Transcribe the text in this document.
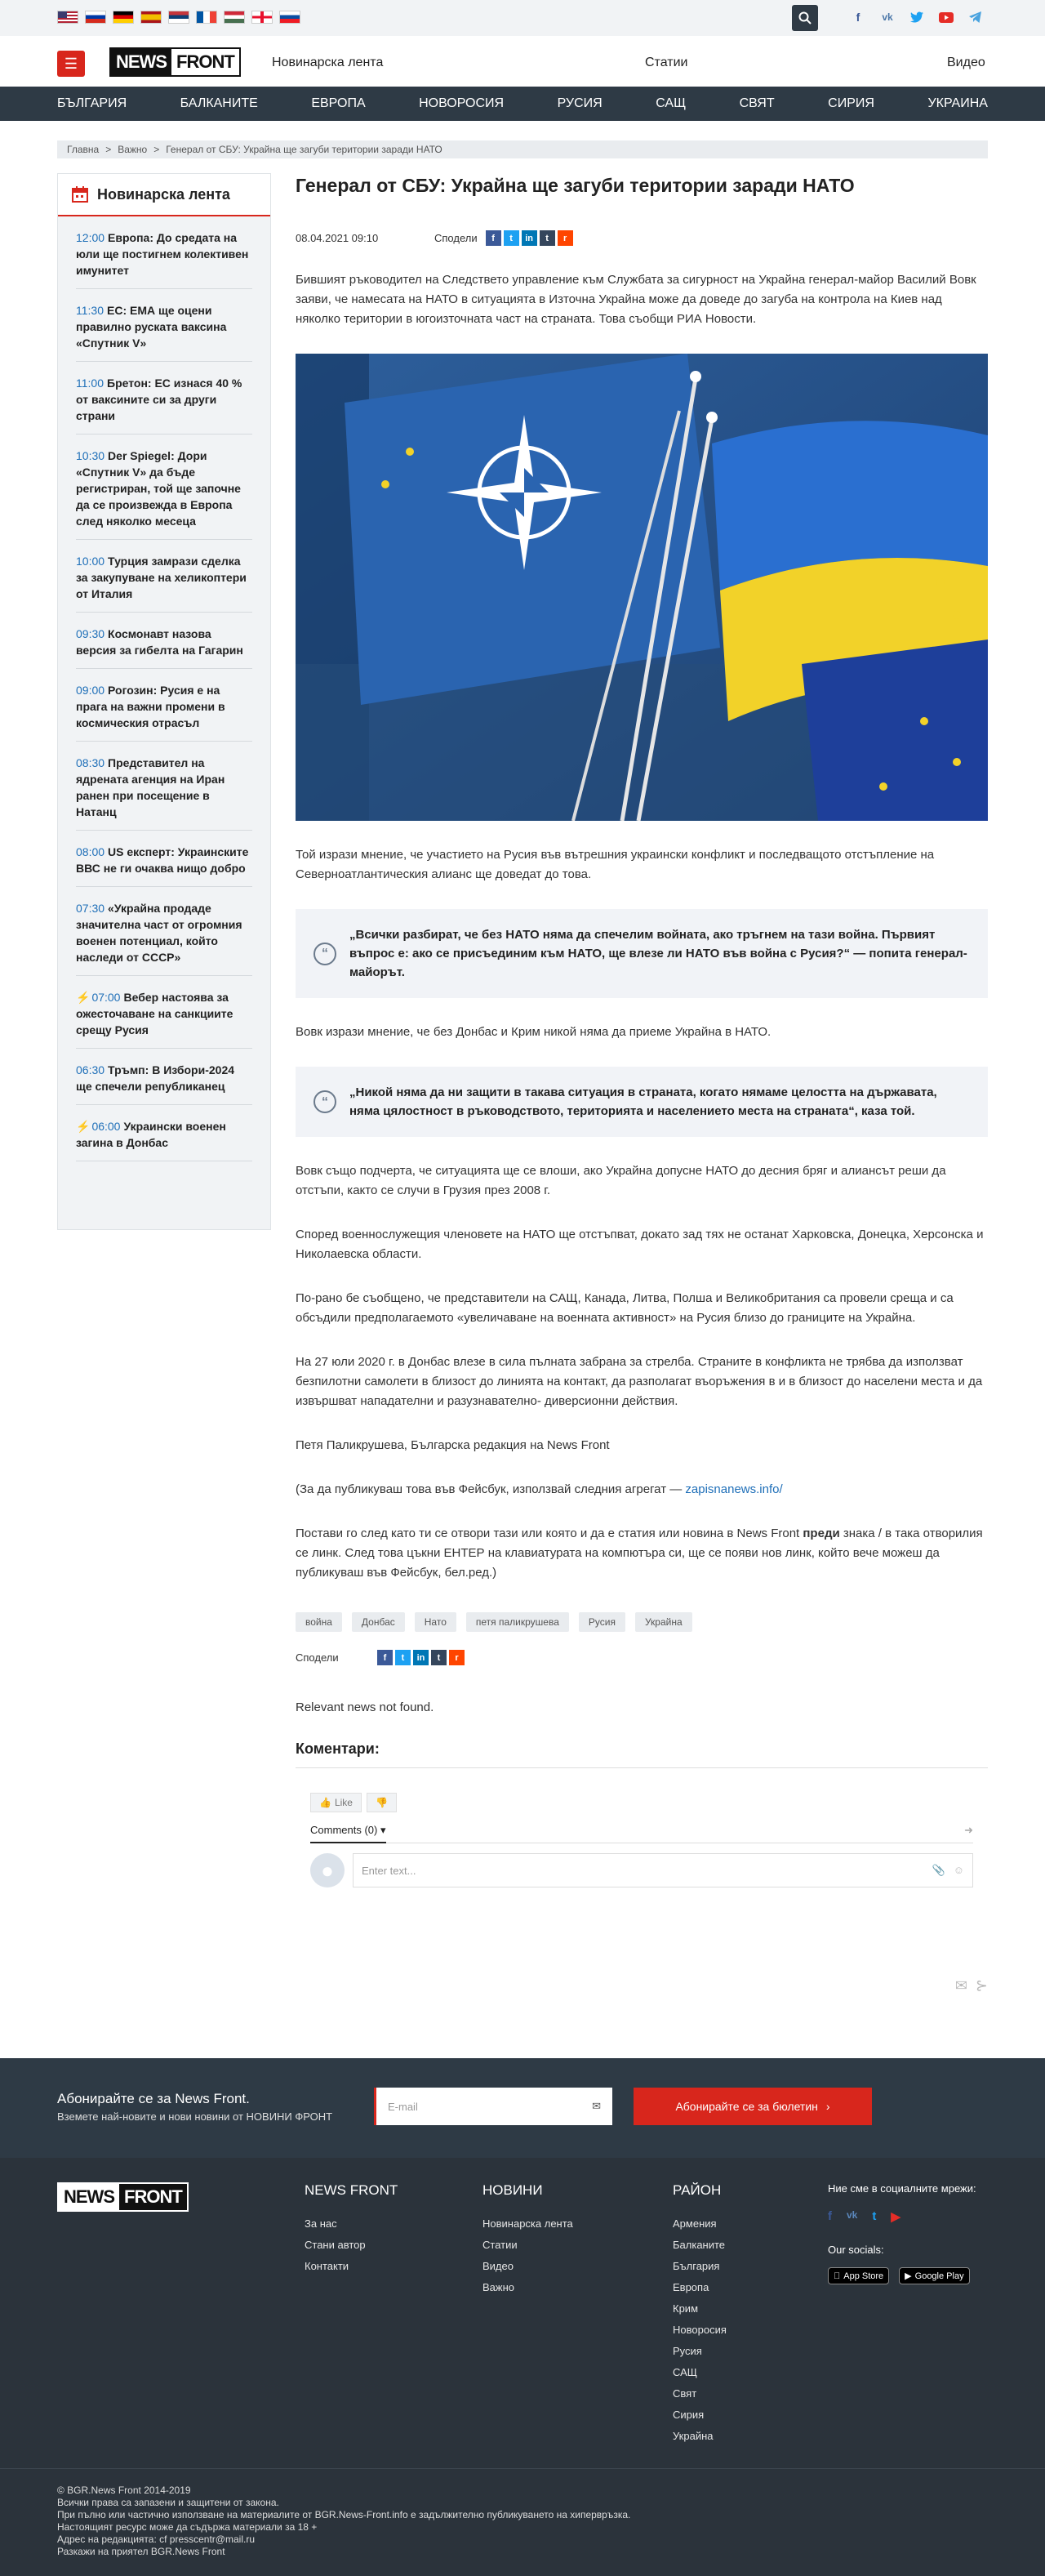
f	vk
☰ NEWS FRONT	Новинарска лента	Статии	Видео
БЪЛГАРИЯ	БАЛКАНИТЕ	ЕВРОПА	НОВОРОСИЯ	РУСИЯ	САЩ	СВЯТ	СИРИЯ	УКРАИНА
Главна > Важно > Генерал от СБУ: Украйна ще загуби територии заради НАТО
Новинарска лента
12:00 Европа: До средата на юли ще постигнем колективен имунитет
11:30 ЕС: ЕМА ще оцени правилно руската ваксина «Спутник V»
11:00 Бретон: ЕС изнася 40 % от ваксините си за други страни
10:30 Der Spiegel: Дори «Спутник V» да бъде регистриран, той ще започне да се произвежда в Европа след няколко месеца
10:00 Турция замрази сделка за закупуване на хеликоптери от Италия
09:30 Космонавт назова версия за гибелта на Гагарин
09:00 Рогозин: Русия е на прага на важни промени в космическия отрасъл
08:30 Представител на ядрената агенция на Иран ранен при посещение в Натанц
08:00 US експерт: Украинските ВВС не ги очаква нищо добро
07:30 «Украйна продаде значителна част от огромния военен потенциал, който наследи от СССР»
⚡ 07:00 Вебер настоява за ожесточаване на санкциите срещу Русия
06:30 Тръмп: В Избори-2024 ще спечели републиканец
⚡ 06:00 Украински военен загина в Донбас
Генерал от СБУ: Украйна ще загуби територии заради НАТО
08.04.2021 09:10	Сподели	f	t	in	t	r

Бившият ръководител на Следствето управление към Службата за сигурност на Украйна генерал-майор Василий Вовк заяви, че намесата на НАТО в ситуацията в Източна Украйна може да доведе до загуба на контрола на Киев над няколко територии в югоизточната част на страната. Това съобщи РИА Новости.

Той изрази мнение, че участието на Русия във вътрешния украински конфликт и последващото отстъпление на Северноатлантическия алианс ще доведат до това.

“
„Всички разбират, че без НАТО няма да спечелим войната, ако тръгнем на тази война. Първият въпрос е: ако се присъединим към НАТО, ще влезе ли НАТО във война с Русия?“ — попита генерал-майорът.

Вовк изрази мнение, че без Донбас и Крим никой няма да приеме Украйна в НАТО.

“
„Никой няма да ни защити в такава ситуация в страната, когато нямаме целостта на държавата, няма цялостност в ръководството, територията и населението места на страната“, каза той.

Вовк също подчерта, че ситуацията ще се влоши, ако Украйна допусне НАТО до десния бряг и алиансът реши да отстъпи, както се случи в Грузия през 2008 г.

Според военнослужещия членовете на НАТО ще отстъпват, докато зад тях не останат Харковска, Донецка, Херсонска и Николаевска области.

По-рано бе съобщено, че представители на САЩ, Канада, Литва, Полша и Великобритания са провели среща и са обсъдили предполагаемото «увеличаване на военната активност» на Русия близо до границите на Украйна.

На 27 юли 2020 г. в Донбас влезе в сила пълната забрана за стрелба. Страните в конфликта не трябва да използват безпилотни самолети в близост до линията на контакт, да разполагат въоръжения в и в близост до населени места и да извършват нападателни и разузнавателно- диверсионни действия.

Петя Паликрушева, Българска редакция на News Front

(За да публикуваш това във Фейсбук, използвай следния агрегат — zapisnanews.info/

Постави го след като ти се отвори тази или която и да е статия или новина в News Front преди знака / в така отворилия се линк. След това цъкни ЕНТЕР на клавиатурата на компютъра си, ще се появи нов линк, който вече можеш да публикуваш във Фейсбук, бел.ред.)

война	Донбас	Нато	петя паликрушева	Русия	Украйна
Сподели	f	t	in	t	r

Relevant news not found.

Коментари:
👍 Like	👎
Comments (0) ▾	➜
●	Enter text...	📎 ☺
✉ ⊱
Абонирайте се за News Front.
Вземете най-новите и нови новини от НОВИНИ ФРОНТ
E-mail	✉	Абонирайте се за бюлетин ›
NEWS FRONT	NEWS FRONT
За нас
Стани автор
Контакти
НОВИНИ
Новинарска лента
Статии
Видео
Важно
РАЙОН
Армения
Балканите
България
Европа
Крим
Новоросия
Русия
САЩ
Свят
Сирия
Украйна
Ние сме в социалните мрежи:
f vk t ▶
Our socials:
App Store ▶ Google Play
© BGR.News Front 2014-2019
Всички права са запазени и защитени от закона.
При пълно или частично използване на материалите от BGR.News-Front.info е задължително публикуването на хипервръзка.
Настоящият ресурс може да съдържа материали за 18 +
Адрес на редакцията: cf presscentr@mail.ru
Разкажи на приятел BGR.News Front
